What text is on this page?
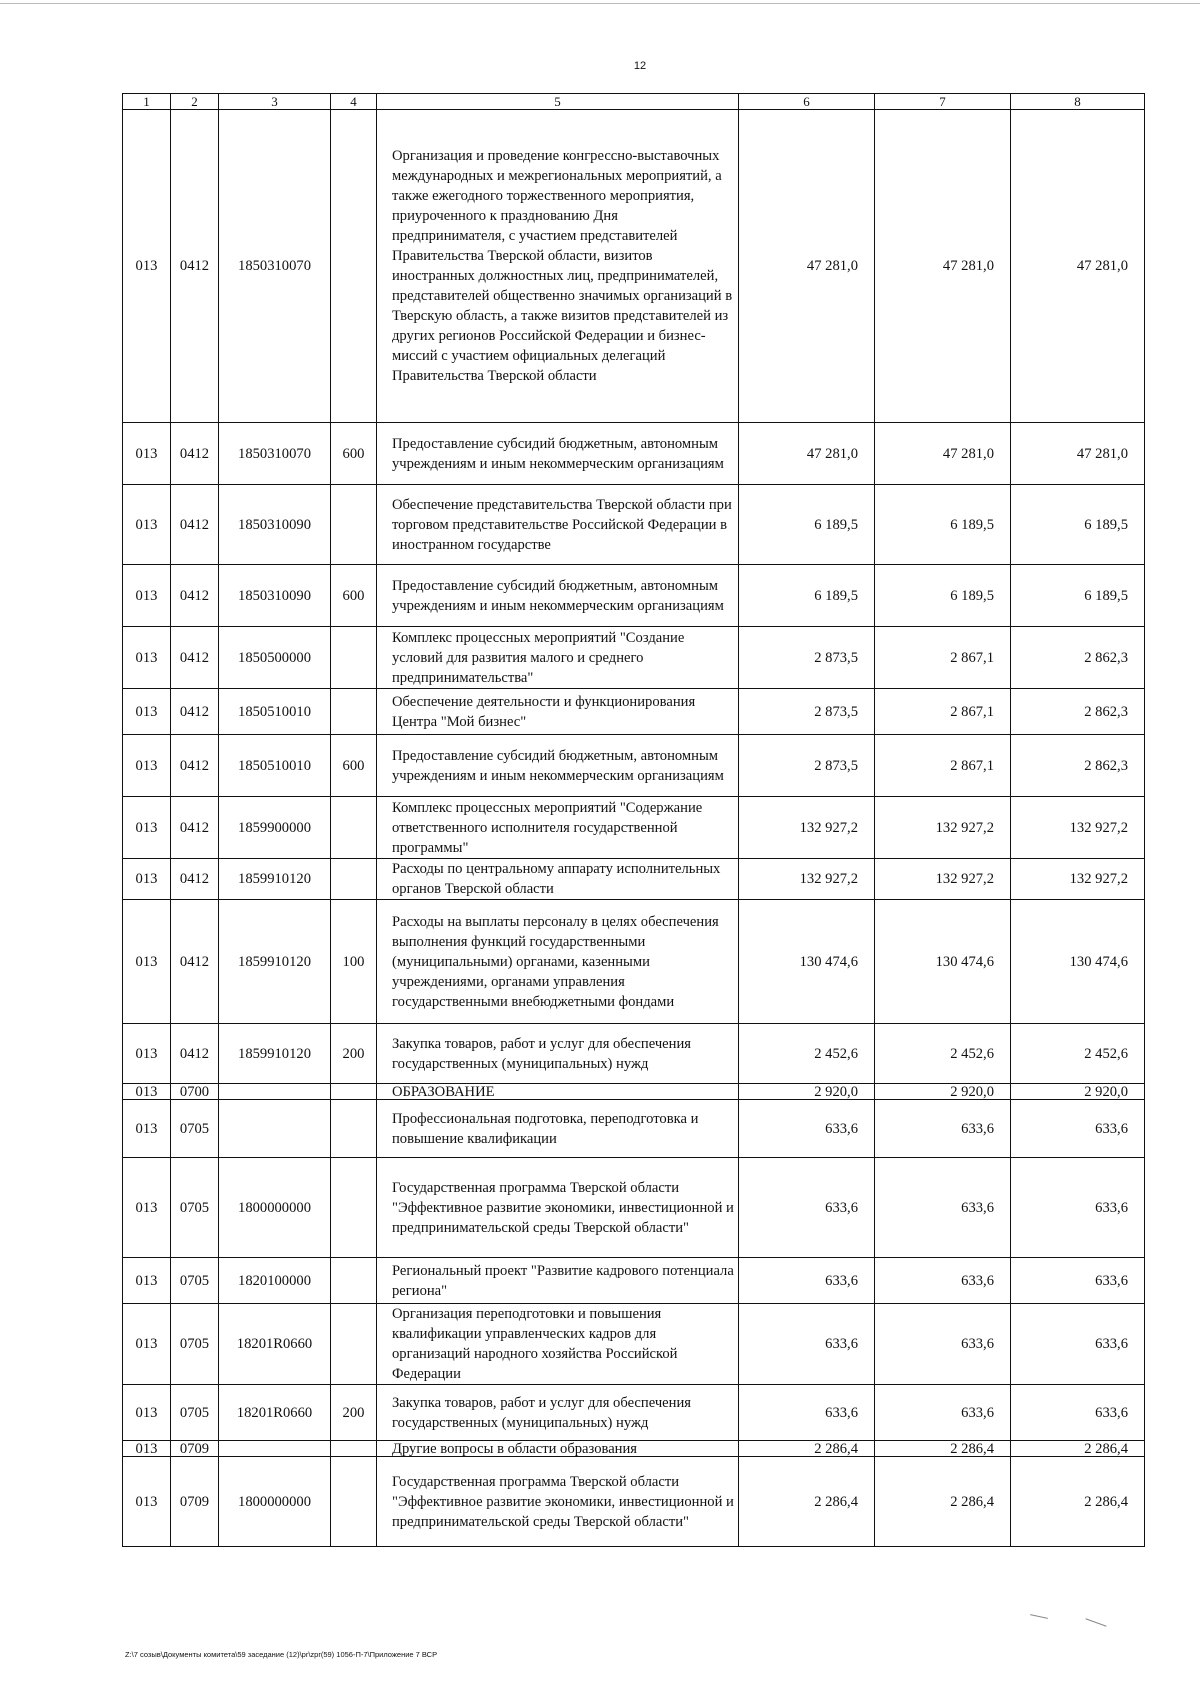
12
1	2	3	4	5	6	7	8
013	0412	1850310070		Организация и проведение конгрессно-выставочных международных и межрегиональных мероприятий, а также ежегодного торжественного мероприятия, приуроченного к празднованию Дня предпринимателя, с участием представителей Правительства Тверской области, визитов иностранных должностных лиц, предпринимателей, представителей общественно значимых организаций в Тверскую область, а также визитов представителей из других регионов Российской Федерации и бизнес-миссий с участием официальных делегаций Правительства Тверской области	47 281,0	47 281,0	47 281,0
013	0412	1850310070	600	Предоставление субсидий бюджетным, автономным учреждениям и иным некоммерческим организациям	47 281,0	47 281,0	47 281,0
013	0412	1850310090		Обеспечение представительства Тверской области при торговом представительстве Российской Федерации в иностранном государстве	6 189,5	6 189,5	6 189,5
013	0412	1850310090	600	Предоставление субсидий бюджетным, автономным учреждениям и иным некоммерческим организациям	6 189,5	6 189,5	6 189,5
013	0412	1850500000		Комплекс процессных мероприятий "Создание условий для развития малого и среднего предпринимательства"	2 873,5	2 867,1	2 862,3
013	0412	1850510010		Обеспечение деятельности и функционирования Центра "Мой бизнес"	2 873,5	2 867,1	2 862,3
013	0412	1850510010	600	Предоставление субсидий бюджетным, автономным учреждениям и иным некоммерческим организациям	2 873,5	2 867,1	2 862,3
013	0412	1859900000		Комплекс процессных мероприятий "Содержание ответственного исполнителя государственной программы"	132 927,2	132 927,2	132 927,2
013	0412	1859910120		Расходы по центральному аппарату исполнительных органов Тверской области	132 927,2	132 927,2	132 927,2
013	0412	1859910120	100	Расходы на выплаты персоналу в целях обеспечения выполнения функций государственными (муниципальными) органами, казенными учреждениями, органами управления государственными внебюджетными фондами	130 474,6	130 474,6	130 474,6
013	0412	1859910120	200	Закупка товаров, работ и услуг для обеспечения государственных (муниципальных) нужд	2 452,6	2 452,6	2 452,6
013	0700			ОБРАЗОВАНИЕ	2 920,0	2 920,0	2 920,0
013	0705			Профессиональная подготовка, переподготовка и повышение квалификации	633,6	633,6	633,6
013	0705	1800000000		Государственная программа Тверской области "Эффективное развитие экономики, инвестиционной и предпринимательской среды Тверской области"	633,6	633,6	633,6
013	0705	1820100000		Региональный проект "Развитие кадрового потенциала региона"	633,6	633,6	633,6
013	0705	18201R0660		Организация переподготовки и повышения квалификации управленческих кадров для организаций народного хозяйства Российской Федерации	633,6	633,6	633,6
013	0705	18201R0660	200	Закупка товаров, работ и услуг для обеспечения государственных (муниципальных) нужд	633,6	633,6	633,6
013	0709			Другие вопросы в области образования	2 286,4	2 286,4	2 286,4
013	0709	1800000000		Государственная программа Тверской области "Эффективное развитие экономики, инвестиционной и предпринимательской среды Тверской области"	2 286,4	2 286,4	2 286,4
Z:\7 созыв\Документы комитета\59 заседание (12)\pr\zpr(59) 1056-П-7\Приложение 7 ВСР
